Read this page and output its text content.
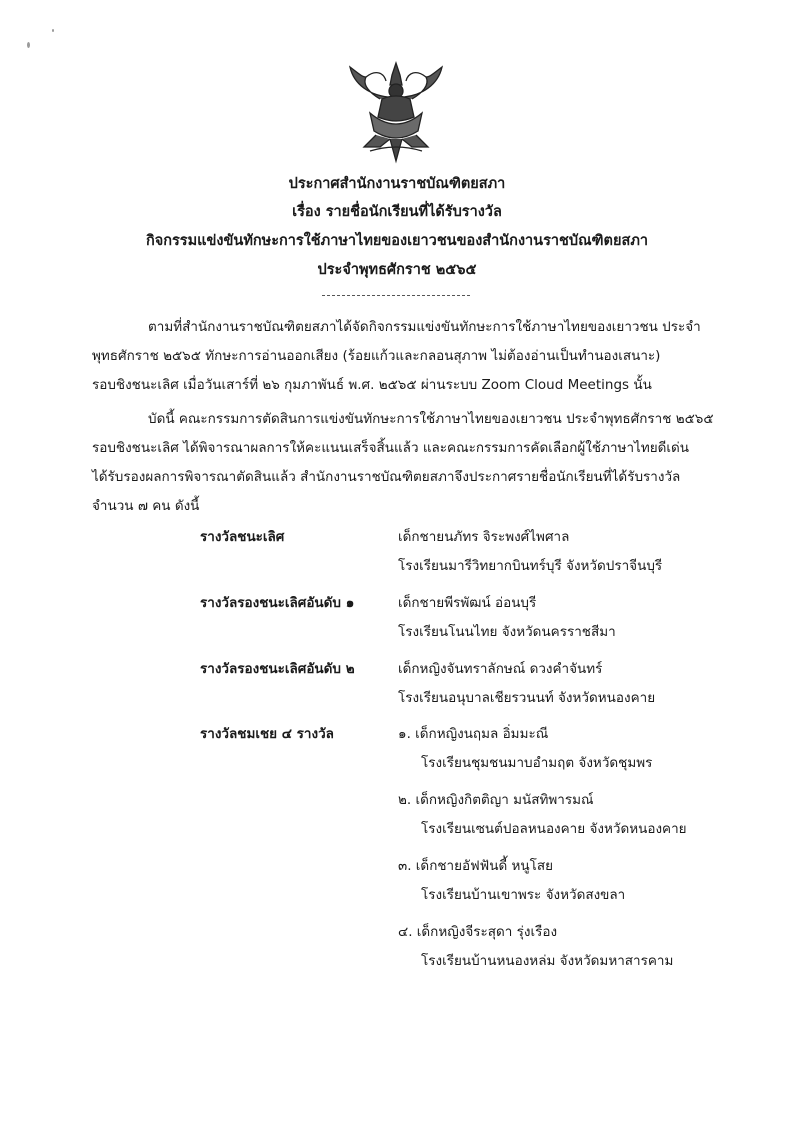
ประกาศสำนักงานราชบัณฑิตยสภา
เรื่อง รายชื่อนักเรียนที่ได้รับรางวัล
กิจกรรมแข่งขันทักษะการใช้ภาษาไทยของเยาวชนของสำนักงานราชบัณฑิตยสภา
ประจำพุทธศักราช ๒๕๖๕
ตามที่สำนักงานราชบัณฑิตยสภาได้จัดกิจกรรมแข่งขันทักษะการใช้ภาษาไทยของเยาวชน ประจำ
พุทธศักราช ๒๕๖๕ ทักษะการอ่านออกเสียง (ร้อยแก้วและกลอนสุภาพ ไม่ต้องอ่านเป็นทำนองเสนาะ)
รอบชิงชนะเลิศ เมื่อวันเสาร์ที่ ๒๖ กุมภาพันธ์ พ.ศ. ๒๕๖๕ ผ่านระบบ Zoom Cloud Meetings นั้น
บัดนี้ คณะกรรมการตัดสินการแข่งขันทักษะการใช้ภาษาไทยของเยาวชน ประจำพุทธศักราช ๒๕๖๕
รอบชิงชนะเลิศ ได้พิจารณาผลการให้คะแนนเสร็จสิ้นแล้ว และคณะกรรมการคัดเลือกผู้ใช้ภาษาไทยดีเด่น
ได้รับรองผลการพิจารณาตัดสินแล้ว สำนักงานราชบัณฑิตยสภาจึงประกาศรายชื่อนักเรียนที่ได้รับรางวัล
จำนวน ๗ คน ดังนี้
รางวัลชนะเลิศ	เด็กชายนภัทร จิระพงศ์ไพศาล
โรงเรียนมารีวิทยากบินทร์บุรี จังหวัดปราจีนบุรี
รางวัลรองชนะเลิศอันดับ ๑	เด็กชายพีรพัฒน์ อ่อนบุรี
โรงเรียนโนนไทย จังหวัดนครราชสีมา
รางวัลรองชนะเลิศอันดับ ๒	เด็กหญิงจันทราลักษณ์ ดวงคำจันทร์
โรงเรียนอนุบาลเชียรวนนท์ จังหวัดหนองคาย
รางวัลชมเชย ๔ รางวัล	๑. เด็กหญิงนฤมล อิ่มมะณี
โรงเรียนชุมชนมาบอำมฤต จังหวัดชุมพร
๒. เด็กหญิงกิตติญา มนัสทิพารมณ์
โรงเรียนเซนต์ปอลหนองคาย จังหวัดหนองคาย
๓. เด็กชายอัฟฟันดี้ หนูโสย
โรงเรียนบ้านเขาพระ จังหวัดสงขลา
๔. เด็กหญิงจีระสุดา รุ่งเรือง
โรงเรียนบ้านหนองหล่ม จังหวัดมหาสารคาม
